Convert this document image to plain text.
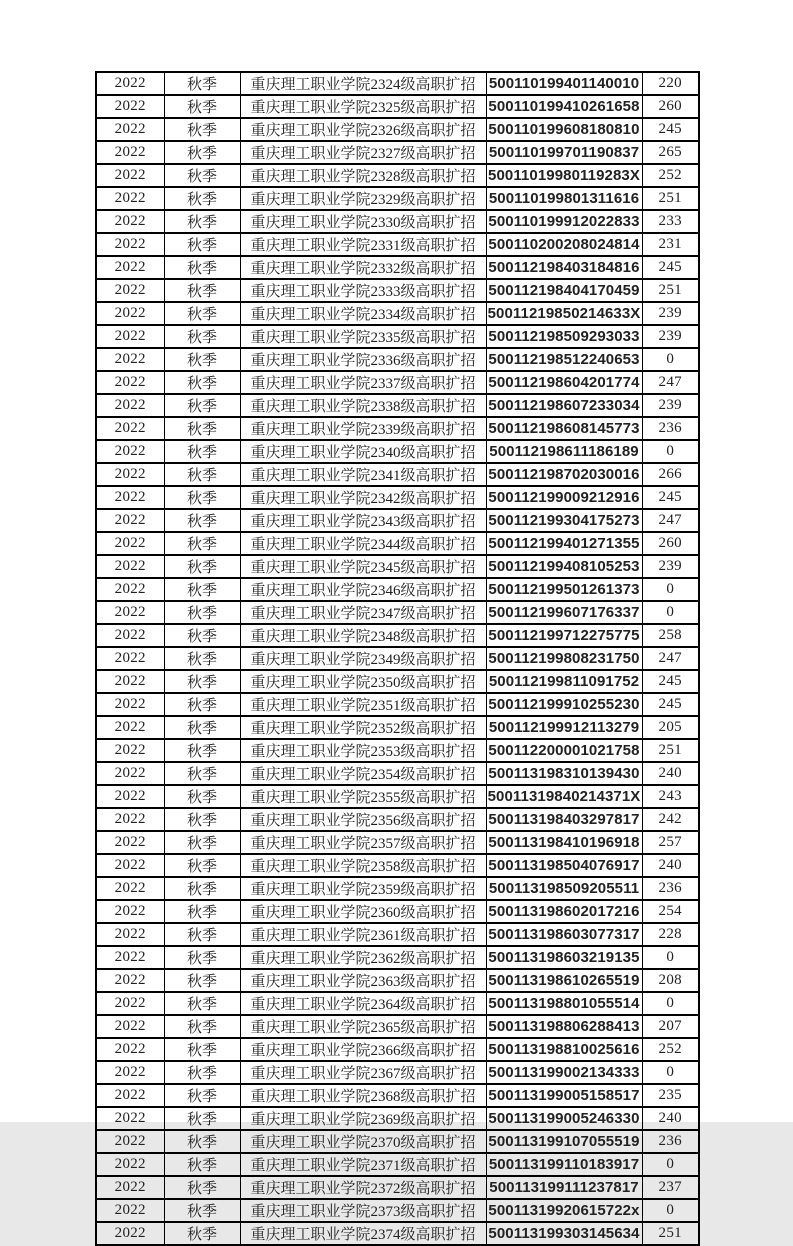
2022	秋季	重庆理工职业学院2324级高职扩招	500110199401140010	220
2022	秋季	重庆理工职业学院2325级高职扩招	500110199410261658	260
2022	秋季	重庆理工职业学院2326级高职扩招	500110199608180810	245
2022	秋季	重庆理工职业学院2327级高职扩招	500110199701190837	265
2022	秋季	重庆理工职业学院2328级高职扩招	50011019980119283X	252
2022	秋季	重庆理工职业学院2329级高职扩招	500110199801311616	251
2022	秋季	重庆理工职业学院2330级高职扩招	500110199912022833	233
2022	秋季	重庆理工职业学院2331级高职扩招	500110200208024814	231
2022	秋季	重庆理工职业学院2332级高职扩招	500112198403184816	245
2022	秋季	重庆理工职业学院2333级高职扩招	500112198404170459	251
2022	秋季	重庆理工职业学院2334级高职扩招	50011219850214633X	239
2022	秋季	重庆理工职业学院2335级高职扩招	500112198509293033	239
2022	秋季	重庆理工职业学院2336级高职扩招	500112198512240653	0
2022	秋季	重庆理工职业学院2337级高职扩招	500112198604201774	247
2022	秋季	重庆理工职业学院2338级高职扩招	500112198607233034	239
2022	秋季	重庆理工职业学院2339级高职扩招	500112198608145773	236
2022	秋季	重庆理工职业学院2340级高职扩招	500112198611186189	0
2022	秋季	重庆理工职业学院2341级高职扩招	500112198702030016	266
2022	秋季	重庆理工职业学院2342级高职扩招	500112199009212916	245
2022	秋季	重庆理工职业学院2343级高职扩招	500112199304175273	247
2022	秋季	重庆理工职业学院2344级高职扩招	500112199401271355	260
2022	秋季	重庆理工职业学院2345级高职扩招	500112199408105253	239
2022	秋季	重庆理工职业学院2346级高职扩招	500112199501261373	0
2022	秋季	重庆理工职业学院2347级高职扩招	500112199607176337	0
2022	秋季	重庆理工职业学院2348级高职扩招	500112199712275775	258
2022	秋季	重庆理工职业学院2349级高职扩招	500112199808231750	247
2022	秋季	重庆理工职业学院2350级高职扩招	500112199811091752	245
2022	秋季	重庆理工职业学院2351级高职扩招	500112199910255230	245
2022	秋季	重庆理工职业学院2352级高职扩招	500112199912113279	205
2022	秋季	重庆理工职业学院2353级高职扩招	500112200001021758	251
2022	秋季	重庆理工职业学院2354级高职扩招	500113198310139430	240
2022	秋季	重庆理工职业学院2355级高职扩招	50011319840214371X	243
2022	秋季	重庆理工职业学院2356级高职扩招	500113198403297817	242
2022	秋季	重庆理工职业学院2357级高职扩招	500113198410196918	257
2022	秋季	重庆理工职业学院2358级高职扩招	500113198504076917	240
2022	秋季	重庆理工职业学院2359级高职扩招	500113198509205511	236
2022	秋季	重庆理工职业学院2360级高职扩招	500113198602017216	254
2022	秋季	重庆理工职业学院2361级高职扩招	500113198603077317	228
2022	秋季	重庆理工职业学院2362级高职扩招	500113198603219135	0
2022	秋季	重庆理工职业学院2363级高职扩招	500113198610265519	208
2022	秋季	重庆理工职业学院2364级高职扩招	500113198801055514	0
2022	秋季	重庆理工职业学院2365级高职扩招	500113198806288413	207
2022	秋季	重庆理工职业学院2366级高职扩招	500113198810025616	252
2022	秋季	重庆理工职业学院2367级高职扩招	500113199002134333	0
2022	秋季	重庆理工职业学院2368级高职扩招	500113199005158517	235
2022	秋季	重庆理工职业学院2369级高职扩招	500113199005246330	240
2022	秋季	重庆理工职业学院2370级高职扩招	500113199107055519	236
2022	秋季	重庆理工职业学院2371级高职扩招	500113199110183917	0
2022	秋季	重庆理工职业学院2372级高职扩招	500113199111237817	237
2022	秋季	重庆理工职业学院2373级高职扩招	50011319920615722x	0
2022	秋季	重庆理工职业学院2374级高职扩招	500113199303145634	251
